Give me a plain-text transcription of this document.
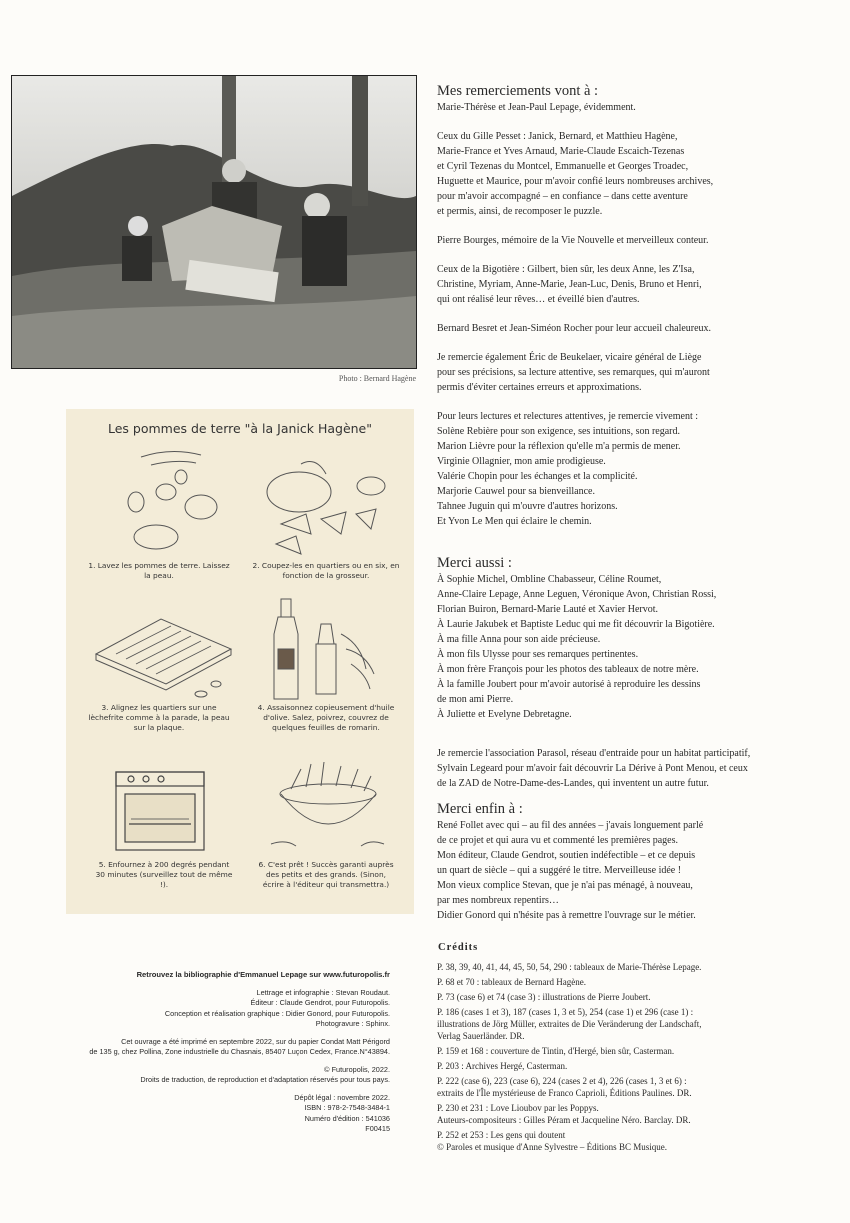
Photo : Bernard Hagène
Les pommes de terre "à la Janick Hagène"
1. Lavez les pommes de terre. Laissez la peau.
2. Coupez-les en quartiers ou en six, en fonction de la grosseur.
3. Alignez les quartiers sur une lèchefrite comme à la parade, la peau sur la plaque.
4. Assaisonnez copieusement d'huile d'olive. Salez, poivrez, couvrez de quelques feuilles de romarin.
5. Enfournez à 200 degrés pendant 30 minutes (surveillez tout de même !).
6. C'est prêt ! Succès garanti auprès des petits et des grands. (Sinon, écrire à l'éditeur qui transmettra.)
Mes remerciements vont à :

Marie-Thérèse et Jean-Paul Lepage, évidemment.

Ceux du Gille Pesset : Janick, Bernard, et Matthieu Hagène,

Marie-France et Yves Arnaud, Marie-Claude Escaich-Tezenas

et Cyril Tezenas du Montcel, Emmanuelle et Georges Troadec,

Huguette et Maurice, pour m'avoir confié leurs nombreuses archives,

pour m'avoir accompagné – en confiance – dans cette aventure

et permis, ainsi, de recomposer le puzzle.

Pierre Bourges, mémoire de la Vie Nouvelle et merveilleux conteur.

Ceux de la Bigotière : Gilbert, bien sûr, les deux Anne, les Z'Isa,

Christine, Myriam, Anne-Marie, Jean-Luc, Denis, Bruno et Henri,

qui ont réalisé leur rêves… et éveillé bien d'autres.

Bernard Besret et Jean-Siméon Rocher pour leur accueil chaleureux.

Je remercie également Éric de Beukelaer, vicaire général de Liège

pour ses précisions, sa lecture attentive, ses remarques, qui m'auront

permis d'éviter certaines erreurs et approximations.

Pour leurs lectures et relectures attentives, je remercie vivement :

Solène Rebière pour son exigence, ses intuitions, son regard.

Marion Lièvre pour la réflexion qu'elle m'a permis de mener.

Virginie Ollagnier, mon amie prodigieuse.

Valérie Chopin pour les échanges et la complicité.

Marjorie Cauwel pour sa bienveillance.

Tahnee Juguin qui m'ouvre d'autres horizons.

Et Yvon Le Men qui éclaire le chemin.

Merci aussi :

À Sophie Michel, Ombline Chabasseur, Céline Roumet,

Anne-Claire Lepage, Anne Leguen, Véronique Avon, Christian Rossi,

Florian Buiron, Bernard-Marie Lauté et Xavier Hervot.

À Laurie Jakubek et Baptiste Leduc qui me fit découvrir la Bigotière.

À ma fille Anna pour son aide précieuse.

À mon fils Ulysse pour ses remarques pertinentes.

À mon frère François pour les photos des tableaux de notre mère.

À la famille Joubert pour m'avoir autorisé à reproduire les dessins

de mon ami Pierre.

À Juliette et Evelyne Debretagne.

Je remercie l'association Parasol, réseau d'entraide pour un habitat participatif,

Sylvain Legeard pour m'avoir fait découvrir La Dérive à Pont Menou, et ceux

de la ZAD de Notre-Dame-des-Landes, qui inventent un autre futur.

Merci enfin à :

René Follet avec qui – au fil des années – j'avais longuement parlé

de ce projet et qui aura vu et commenté les premières pages.

Mon éditeur, Claude Gendrot, soutien indéfectible – et ce depuis

un quart de siècle – qui a suggéré le titre. Merveilleuse idée !

Mon vieux complice Stevan, que je n'ai pas ménagé, à nouveau,

par mes nombreux repentirs…

Didier Gonord qui n'hésite pas à remettre l'ouvrage sur le métier.

Crédits
P. 38, 39, 40, 41, 44, 45, 50, 54, 290 : tableaux de Marie-Thérèse Lepage.
P. 68 et 70 : tableaux de Bernard Hagène.
P. 73 (case 6) et 74 (case 3) : illustrations de Pierre Joubert.
P. 186 (cases 1 et 3), 187 (cases 1, 3 et 5), 254 (case 1) et 296 (case 1) :
illustrations de Jörg Müller, extraites de Die Veränderung der Landschaft,
Verlag Sauerländer. DR.
P. 159 et 168 : couverture de Tintin, d'Hergé, bien sûr, Casterman.
P. 203 : Archives Hergé, Casterman.
P. 222 (case 6), 223 (case 6), 224 (cases 2 et 4), 226 (cases 1, 3 et 6) :
extraits de l'Île mystérieuse de Franco Caprioli, Éditions Paulines. DR.
P. 230 et 231 : Love Lioubov par les Poppys.
Auteurs-compositeurs : Gilles Péram et Jacqueline Néro. Barclay. DR.
P. 252 et 253 : Les gens qui doutent
© Paroles et musique d'Anne Sylvestre – Éditions BC Musique.
Retrouvez la bibliographie d'Emmanuel Lepage sur www.futuropolis.fr
Lettrage et infographie : Stevan Roudaut.
Éditeur : Claude Gendrot, pour Futuropolis.
Conception et réalisation graphique : Didier Gonord, pour Futuropolis.
Photogravure : Sphinx.
Cet ouvrage a été imprimé en septembre 2022, sur du papier Condat Matt Périgord
de 135 g, chez Pollina, Zone industrielle du Chasnais, 85407 Luçon Cedex, France.N°43894.
© Futuropolis, 2022.
Droits de traduction, de reproduction et d'adaptation réservés pour tous pays.
Dépôt légal : novembre 2022.
ISBN : 978-2-7548-3484-1
Numéro d'édition : 541036
F00415
